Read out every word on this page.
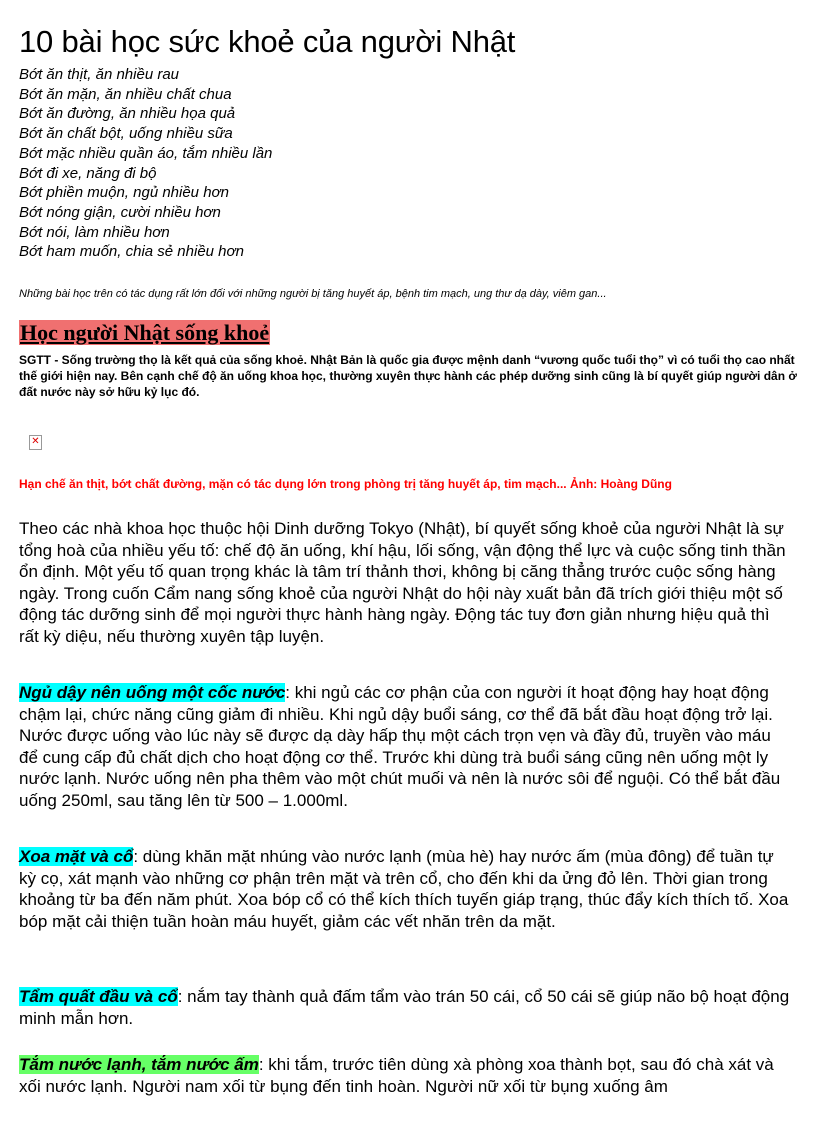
10 bài học sức khoẻ của người Nhật
Bớt ăn thịt, ăn nhiều rau
Bớt ăn mặn, ăn nhiều chất chua
Bớt ăn đường, ăn nhiều họa quả
Bớt ăn chất bột, uống nhiều sữa
Bớt mặc nhiều quần áo, tắm nhiều lần
Bớt đi xe, năng đi bộ
Bớt phiền muộn, ngủ nhiều hơn
Bớt nóng giận, cười nhiều hơn
Bớt nói, làm nhiều hơn
Bớt ham muốn, chia sẻ nhiều hơn
Những bài học trên có tác dụng rất lớn đối với những người bị tăng huyết áp, bệnh tim mạch, ung thư dạ dày, viêm gan...
Học người Nhật sống khoẻ
SGTT - Sống trường thọ là kết quả của sống khoẻ. Nhật Bản là quốc gia được mệnh danh “vương quốc tuổi thọ” vì có tuổi thọ cao nhất thế giới hiện nay. Bên cạnh chế độ ăn uống khoa học, thường xuyên thực hành các phép dưỡng sinh cũng là bí quyết giúp người dân ở đất nước này sở hữu kỷ lục đó.
✕
Hạn chế ăn thịt, bớt chất đường, mặn có tác dụng lớn trong phòng trị tăng huyết áp, tim mạch... Ảnh: Hoàng Dũng
Theo các nhà khoa học thuộc hội Dinh dưỡng Tokyo (Nhật), bí quyết sống khoẻ của người Nhật là sự tổng hoà của nhiều yếu tố: chế độ ăn uống, khí hậu, lối sống, vận động thể lực và cuộc sống tinh thần ổn định. Một yếu tố quan trọng khác là tâm trí thảnh thơi, không bị căng thẳng trước cuộc sống hàng ngày. Trong cuốn Cẩm nang sống khoẻ của người Nhật do hội này xuất bản đã trích giới thiệu một số động tác dưỡng sinh để mọi người thực hành hàng ngày. Động tác tuy đơn giản nhưng hiệu quả thì rất kỳ diệu, nếu thường xuyên tập luyện.
Ngủ dậy nên uống một cốc nước: khi ngủ các cơ phận của con người ít hoạt động hay hoạt động chậm lại, chức năng cũng giảm đi nhiều. Khi ngủ dậy buổi sáng, cơ thể đã bắt đầu hoạt động trở lại. Nước được uống vào lúc này sẽ được dạ dày hấp thụ một cách trọn vẹn và đầy đủ, truyền vào máu để cung cấp đủ chất dịch cho hoạt động cơ thể. Trước khi dùng trà buổi sáng cũng nên uống một ly nước lạnh. Nước uống nên pha thêm vào một chút muối và nên là nước sôi để nguội. Có thể bắt đầu uống 250ml, sau tăng lên từ 500 – 1.000ml.
Xoa mặt và cổ: dùng khăn mặt nhúng vào nước lạnh (mùa hè) hay nước ấm (mùa đông) để tuần tự kỳ cọ, xát mạnh vào những cơ phận trên mặt và trên cổ, cho đến khi da ửng đỏ lên. Thời gian trong khoảng từ ba đến năm phút. Xoa bóp cổ có thể kích thích tuyến giáp trạng, thúc đẩy kích thích tố. Xoa bóp mặt cải thiện tuần hoàn máu huyết, giảm các vết nhăn trên da mặt.
Tẩm quất đầu và cổ: nắm tay thành quả đấm tẩm vào trán 50 cái, cổ 50 cái sẽ giúp não bộ hoạt động minh mẫn hơn.
Tắm nước lạnh, tắm nước ấm: khi tắm, trước tiên dùng xà phòng xoa thành bọt, sau đó chà xát và xối nước lạnh. Người nam xối từ bụng đến tinh hoàn. Người nữ xối từ bụng xuống âm
